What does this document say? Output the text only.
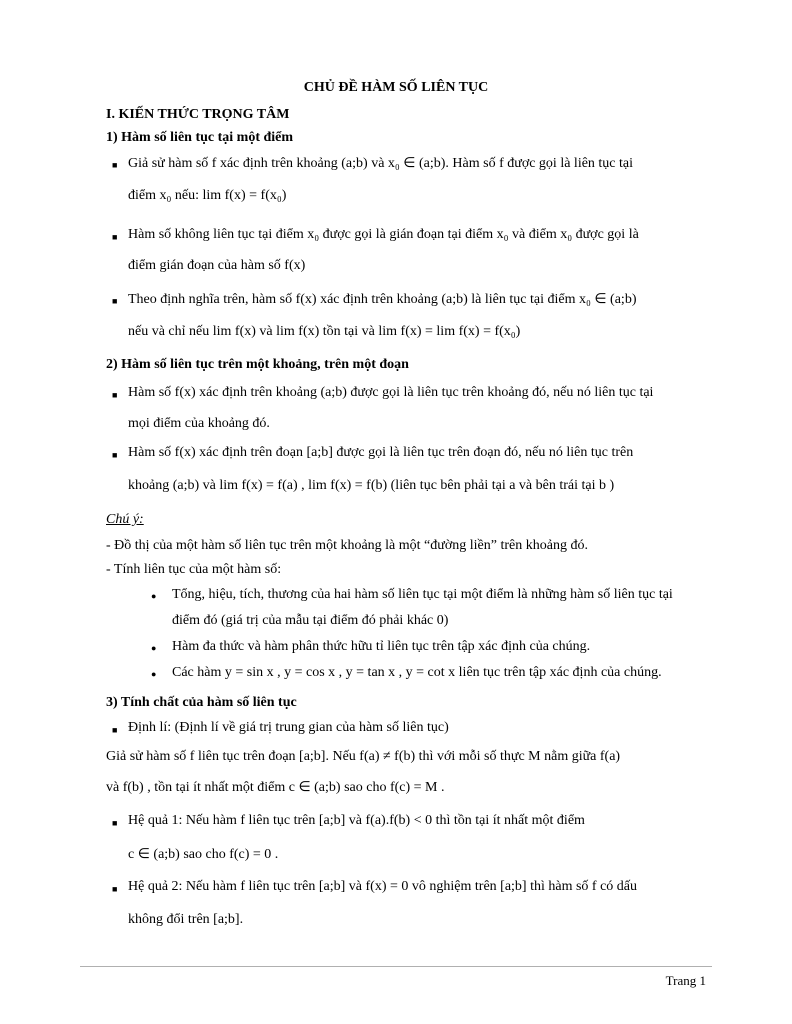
CHỦ ĐỀ HÀM SỐ LIÊN TỤC
I. KIẾN THỨC TRỌNG TÂM
1) Hàm số liên tục tại một điểm
■ Giả sử hàm số f xác định trên khoảng (a;b) và x₀ ∈ (a;b). Hàm số f được gọi là liên tục tại
điểm x₀ nếu: lim f(x) = f(x₀)
■ Hàm số không liên tục tại điểm x₀ được gọi là gián đoạn tại điểm x₀ và điểm x₀ được gọi là
điểm gián đoạn của hàm số f(x)
■ Theo định nghĩa trên, hàm số f(x) xác định trên khoảng (a;b) là liên tục tại điểm x₀ ∈ (a;b)
nếu và chỉ nếu lim f(x) và lim f(x) tồn tại và lim f(x) = lim f(x) = f(x₀)
2) Hàm số liên tục trên một khoảng, trên một đoạn
■ Hàm số f(x) xác định trên khoảng (a;b) được gọi là liên tục trên khoảng đó, nếu nó liên tục tại
mọi điểm của khoảng đó.
■ Hàm số f(x) xác định trên đoạn [a;b] được gọi là liên tục trên đoạn đó, nếu nó liên tục trên
khoảng (a;b) và lim f(x) = f(a) , lim f(x) = f(b) (liên tục bên phải tại a và bên trái tại b )
Chú ý:
- Đồ thị của một hàm số liên tục trên một khoảng là một “đường liền” trên khoảng đó.
- Tính liên tục của một hàm số:
● Tổng, hiệu, tích, thương của hai hàm số liên tục tại một điểm là những hàm số liên tục tại
điểm đó (giá trị của mẫu tại điểm đó phải khác 0)
● Hàm đa thức và hàm phân thức hữu tỉ liên tục trên tập xác định của chúng.
● Các hàm y = sin x , y = cos x , y = tan x , y = cot x liên tục trên tập xác định của chúng.
3) Tính chất của hàm số liên tục
■ Định lí: (Định lí về giá trị trung gian của hàm số liên tục)
Giả sử hàm số f liên tục trên đoạn [a;b]. Nếu f(a) ≠ f(b) thì với mỗi số thực M nằm giữa f(a)
và f(b) , tồn tại ít nhất một điểm c ∈ (a;b) sao cho f(c) = M .
■ Hệ quả 1: Nếu hàm f liên tục trên [a;b] và f(a).f(b) < 0 thì tồn tại ít nhất một điểm
c ∈ (a;b) sao cho f(c) = 0 .
■ Hệ quả 2: Nếu hàm f liên tục trên [a;b] và f(x) = 0 vô nghiệm trên [a;b] thì hàm số f có dấu
không đổi trên [a;b].
Trang 1
